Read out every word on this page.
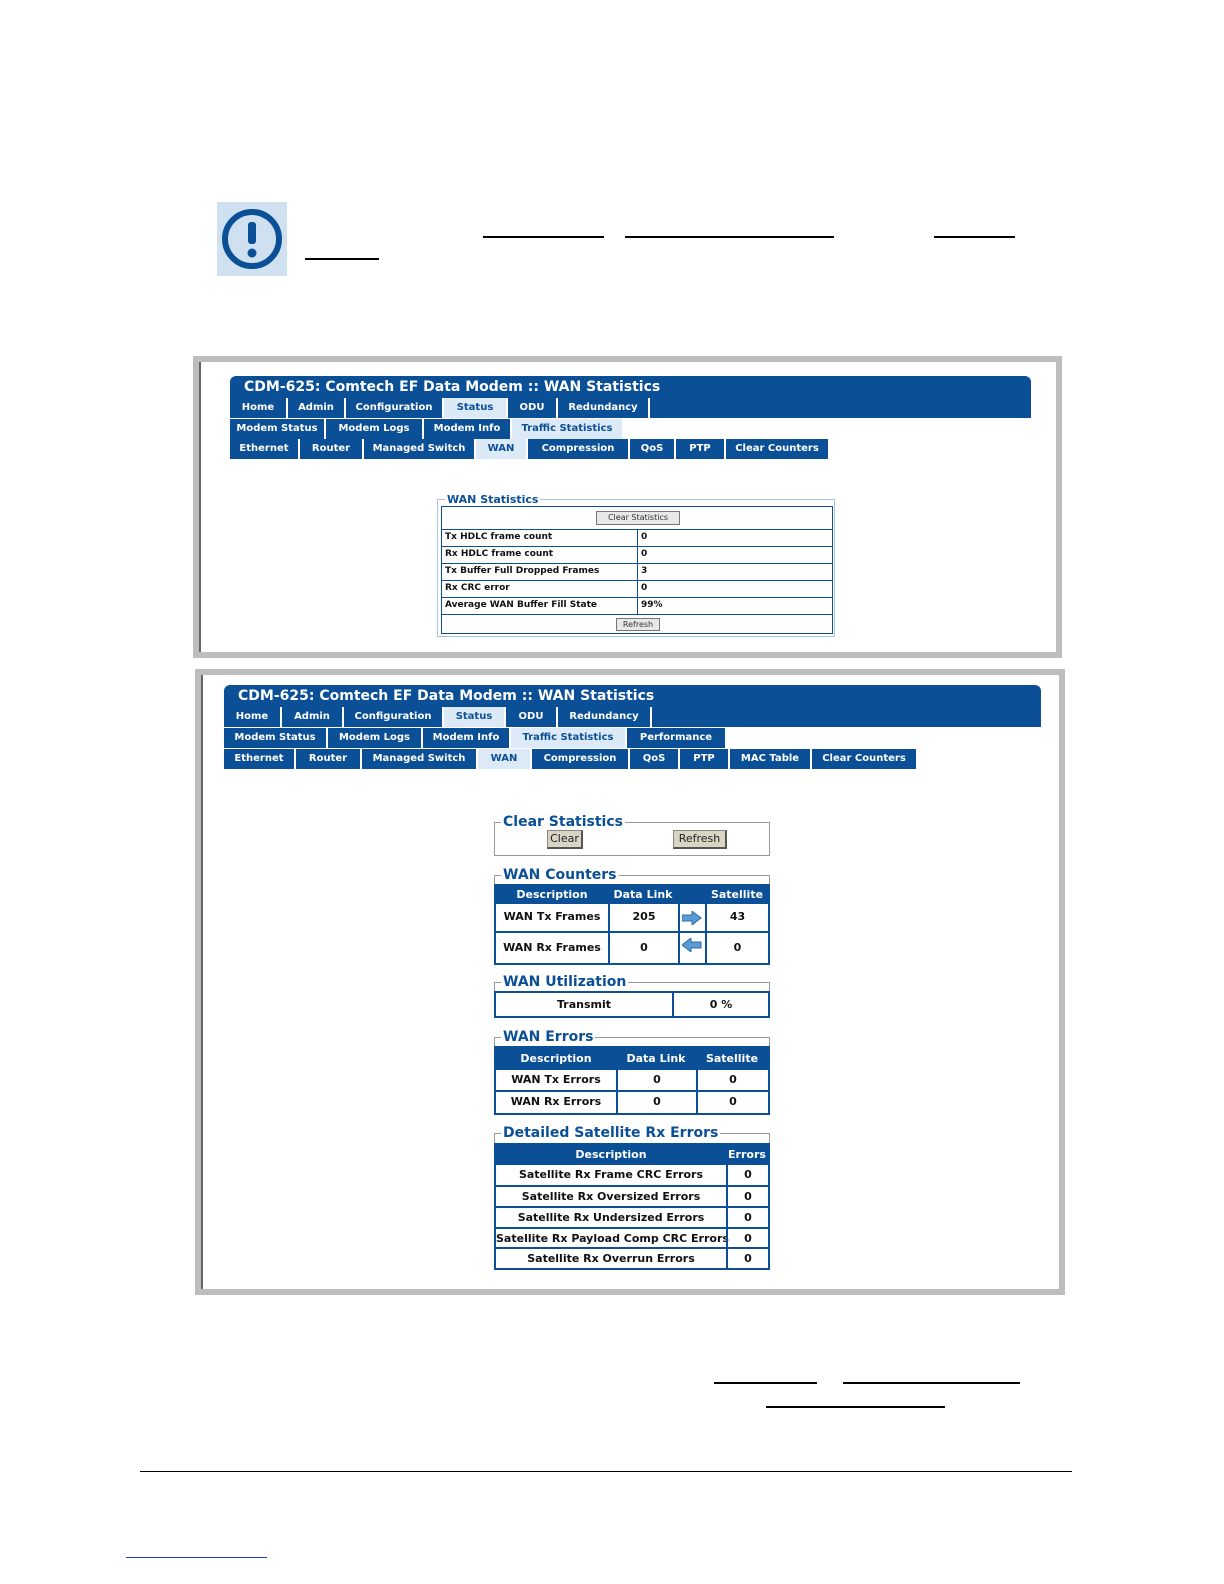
CDM-625: Comtech EF Data Modem :: WAN Statistics
Home	Admin	Configuration	Status	ODU	Redundancy
Modem Status	Modem Logs	Modem Info	Traffic Statistics
Ethernet	Router	Managed Switch	WAN	Compression	QoS	PTP	Clear Counters
WAN Statistics
Clear Statistics
Tx HDLC frame count	0
Rx HDLC frame count	0
Tx Buffer Full Dropped Frames	3
Rx CRC error	0
Average WAN Buffer Fill State	99%
Refresh
CDM-625: Comtech EF Data Modem :: WAN Statistics
Home	Admin	Configuration	Status	ODU	Redundancy
Modem Status	Modem Logs	Modem Info	Traffic Statistics	Performance
Ethernet	Router	Managed Switch	WAN	Compression	QoS	PTP	MAC Table	Clear Counters
Clear Statistics
Clear	Refresh
WAN Counters
Description	Data Link	Satellite
WAN Tx Frames	205	43
WAN Rx Frames	0	0
WAN Utilization
Transmit	0 %
WAN Errors
Description	Data Link	Satellite
WAN Tx Errors	0	0
WAN Rx Errors	0	0
Detailed Satellite Rx Errors
Description	Errors
Satellite Rx Frame CRC Errors	0
Satellite Rx Oversized Errors	0
Satellite Rx Undersized Errors	0
Satellite Rx Payload Comp CRC Errors	0
Satellite Rx Overrun Errors	0
